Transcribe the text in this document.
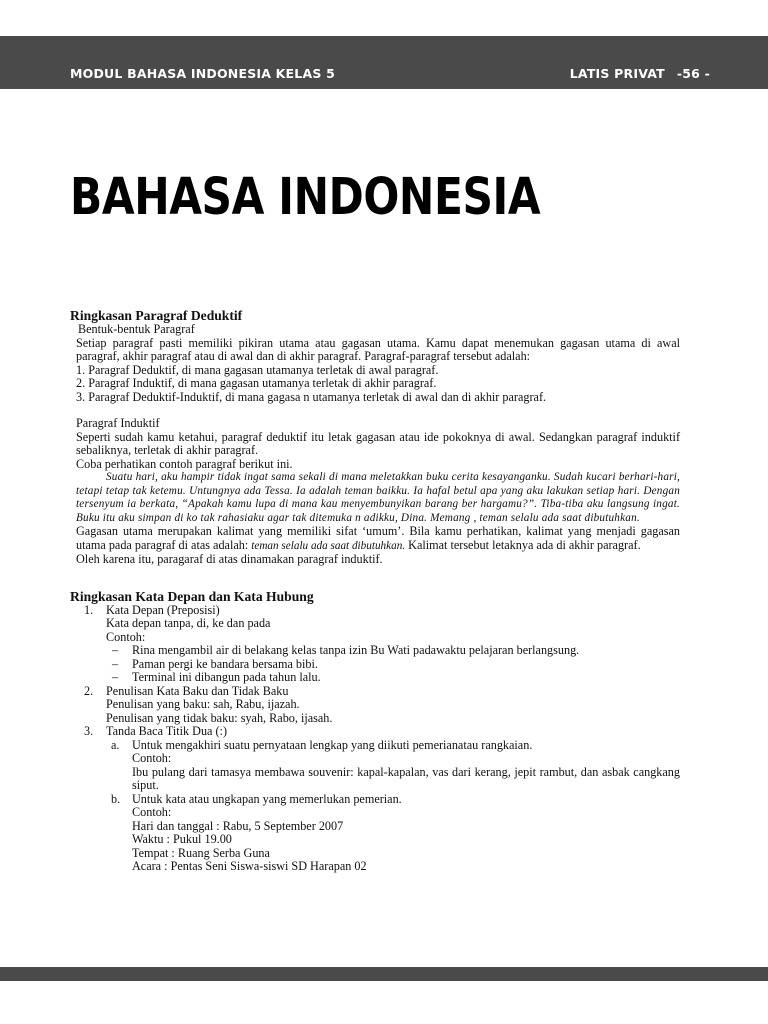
MODUL BAHASA INDONESIA KELAS 5	LATIS PRIVAT -56 -
BAHASA INDONESIA
Ringkasan Paragraf Deduktif

Bentuk-bentuk Paragraf

Setiap paragraf pasti memiliki pikiran utama atau gagasan utama. Kamu dapat menemukan gagasan utama di awal paragraf, akhir paragraf atau di awal dan di akhir paragraf. Paragraf-paragraf tersebut adalah:

1. Paragraf Deduktif, di mana gagasan utamanya terletak di awal paragraf.

2. Paragraf Induktif, di mana gagasan utamanya terletak di akhir paragraf.

3. Paragraf Deduktif-Induktif, di mana gagasa n utamanya terletak di awal dan di akhir paragraf.

Paragraf Induktif

Seperti sudah kamu ketahui, paragraf deduktif itu letak gagasan atau ide pokoknya di awal. Sedangkan paragraf induktif sebaliknya, terletak di akhir paragraf.

Coba perhatikan contoh paragraf berikut ini.

Suatu hari, aku hampir tidak ingat sama sekali di mana meletakkan buku cerita kesayanganku. Sudah kucari berhari-hari, tetapi tetap tak ketemu. Untungnya ada Tessa. Ia adalah teman baikku. Ia hafal betul apa yang aku lakukan setiap hari. Dengan tersenyum ia berkata, “Apakah kamu lupa di mana kau menyembunyikan barang ber hargamu?”. Tiba-tiba aku langsung ingat. Buku itu aku simpan di ko tak rahasiaku agar tak ditemuka n adikku, Dina. Memang , teman selalu ada saat dibutuhkan.

Gagasan utama merupakan kalimat yang memiliki sifat ‘umum’. Bila kamu perhatikan, kalimat yang menjadi gagasan utama pada paragraf di atas adalah: teman selalu ada saat dibutuhkan. Kalimat tersebut letaknya ada di akhir paragraf.

Oleh karena itu, paragaraf di atas dinamakan paragraf induktif.

Ringkasan Kata Depan dan Kata Hubung
1.	Kata Depan (Preposisi)
Kata depan tanpa, di, ke dan pada
Contoh:
– Rina mengambil air di belakang kelas tanpa izin Bu Wati padawaktu pelajaran berlangsung.
– Paman pergi ke bandara bersama bibi.
– Terminal ini dibangun pada tahun lalu.
2.	Penulisan Kata Baku dan Tidak Baku
Penulisan yang baku: sah, Rabu, ijazah.
Penulisan yang tidak baku: syah, Rabo, ijasah.
3.	Tanda Baca Titik Dua (:)
a. Untuk mengakhiri suatu pernyataan lengkap yang diikuti pemerianatau rangkaian.
Contoh:
Ibu pulang dari tamasya membawa souvenir: kapal-kapalan, vas dari kerang, jepit rambut, dan asbak cangkang siput.
b. Untuk kata atau ungkapan yang memerlukan pemerian.
Contoh:
Hari dan tanggal : Rabu, 5 September 2007
Waktu : Pukul 19.00
Tempat : Ruang Serba Guna
Acara : Pentas Seni Siswa-siswi SD Harapan 02
